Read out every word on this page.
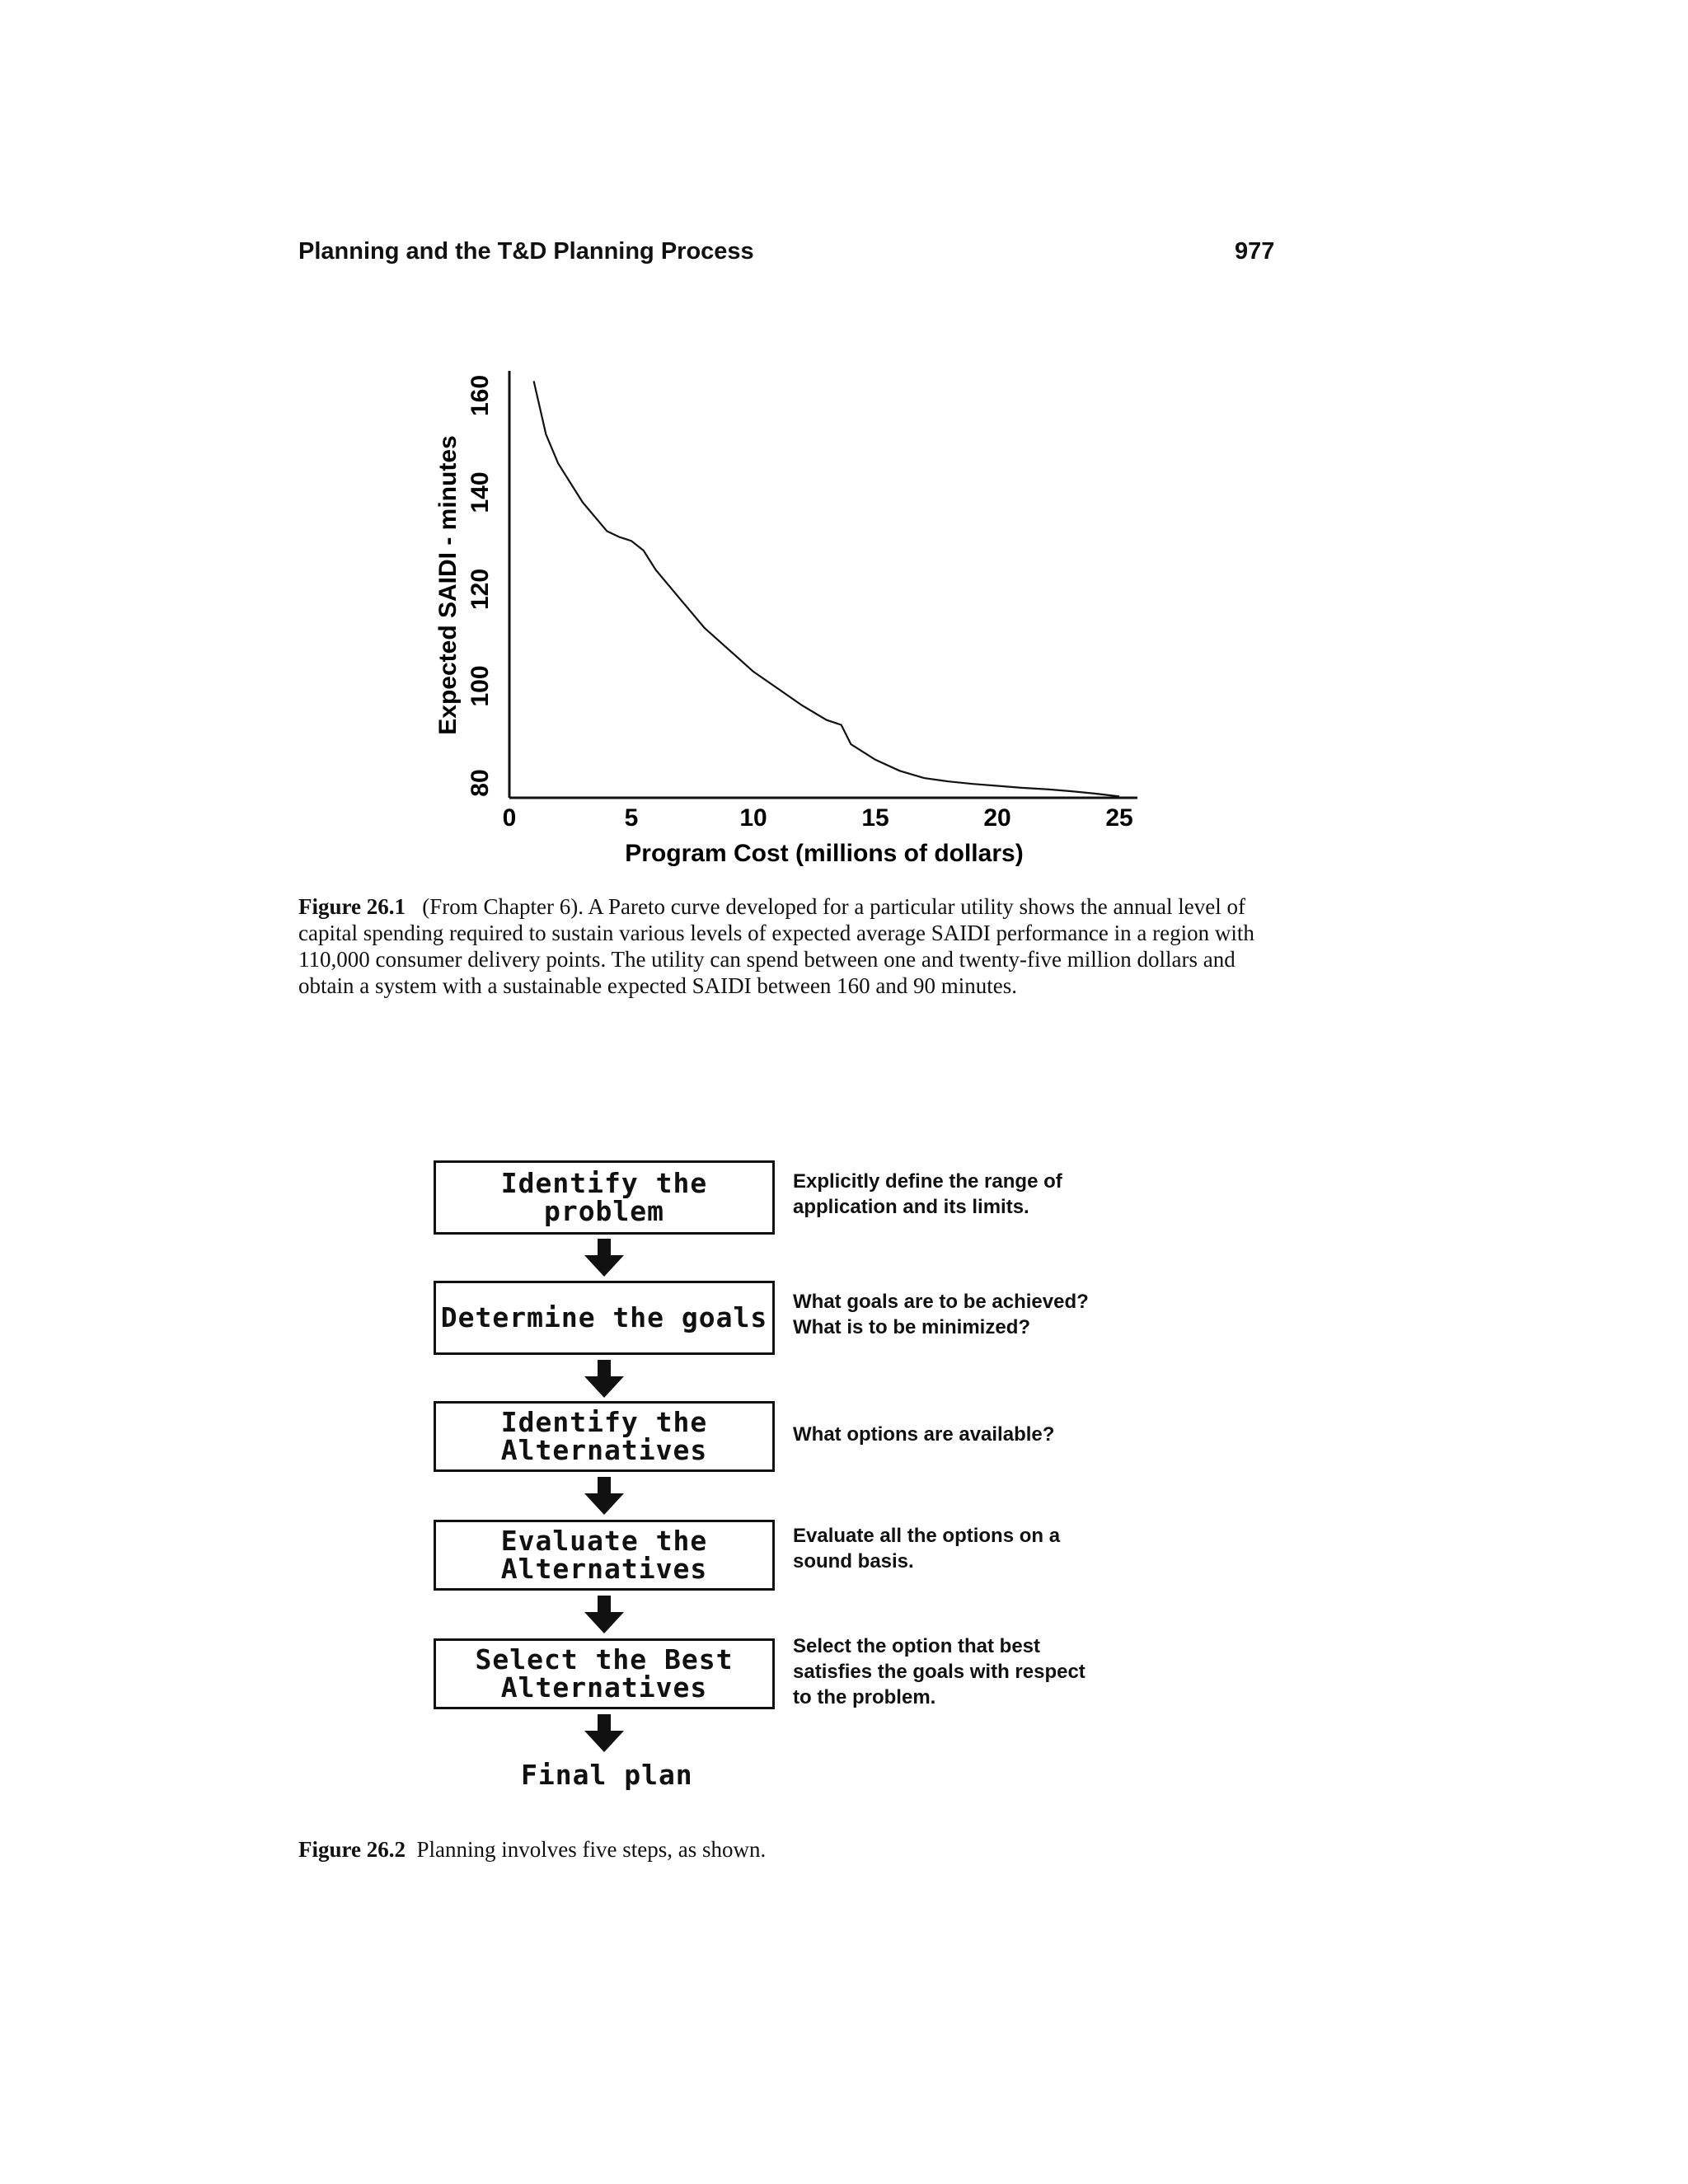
Planning and the T&D Planning Process	977
0	5	10	15	20	25
80
100
120
140
160
Program Cost (millions of dollars)
Expected SAIDI - minutes
Figure 26.1 (From Chapter 6). A Pareto curve developed for a particular utility shows the annual level of capital spending required to sustain various levels of expected average SAIDI performance in a region with 110,000 consumer delivery points. The utility can spend between one and twenty-five million dollars and obtain a system with a sustainable expected SAIDI between 160 and 90 minutes.
Identify the
problem
Explicitly define the range of
application and its limits.
Determine the goals	What goals are to be achieved?
What is to be minimized?
Identify the
Alternatives	What options are available?
Evaluate the
Alternatives
Evaluate all the options on a
sound basis.
Select the Best
Alternatives
Select the option that best
satisfies the goals with respect
to the problem.
Final plan
Figure 26.2 Planning involves five steps, as shown.
